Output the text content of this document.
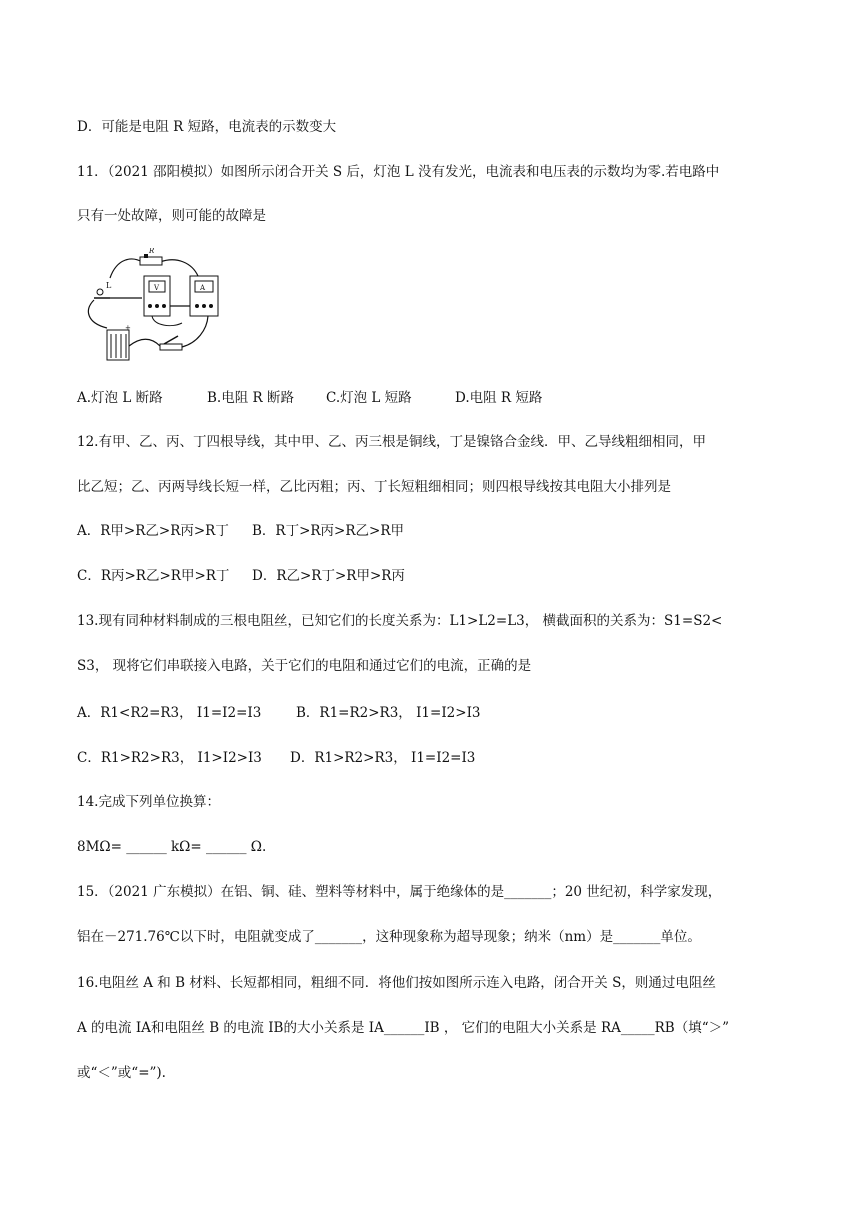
D．可能是电阻 R 短路，电流表的示数变大
11．（2021 邵阳模拟）如图所示闭合开关 S 后，灯泡 L 没有发光，电流表和电压表的示数均为零.若电路中
只有一处故障，则可能的故障是
R
L	V	A
+
A.灯泡 L 断路	B.电阻 R 断路 C.灯泡 L 短路	D.电阻 R 短路
12.有甲、乙、丙、丁四根导线，其中甲、乙、丙三根是铜线，丁是镍铬合金线．甲、乙导线粗细相同，甲
比乙短；乙、丙两导线长短一样，乙比丙粗；丙、丁长短粗细相同；则四根导线按其电阻大小排列是
A．R甲>R乙>R丙>R丁 B．R丁>R丙>R乙>R甲
C．R丙>R乙>R甲>R丁 D．R乙>R丁>R甲>R丙
13.现有同种材料制成的三根电阻丝，已知它们的长度关系为：L1>L2=L3， 横截面积的关系为：S1=S2<
S3， 现将它们串联接入电路，关于它们的电阻和通过它们的电流，正确的是
A．R1<R2=R3， I1=I2=I3	B．R1=R2>R3， I1=I2>I3
C．R1>R2>R3， I1>I2>I3 D．R1>R2>R3， I1=I2=I3
14.完成下列单位换算：
8MΩ= ______ kΩ= ______ Ω.
15．（2021 广东模拟）在铝、铜、硅、塑料等材料中，属于绝缘体的是_______；20 世纪初，科学家发现，
铝在－271.76℃以下时，电阻就变成了_______，这种现象称为超导现象；纳米（nm）是_______单位。
16.电阻丝 A 和 B 材料、长短都相同，粗细不同．将他们按如图所示连入电路，闭合开关 S，则通过电阻丝
A 的电流 IA和电阻丝 B 的电流 IB的大小关系是 IA______IB ， 它们的电阻大小关系是 RA_____RB（填“＞”
或“＜”或“=”).
